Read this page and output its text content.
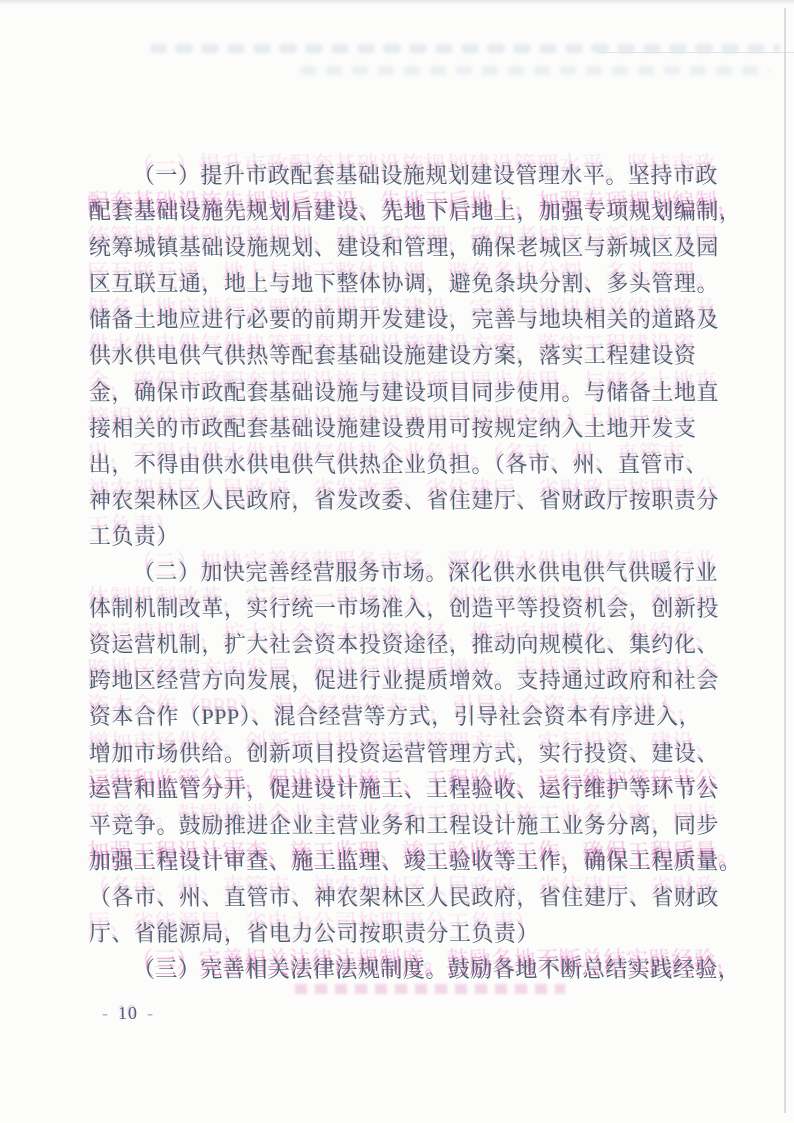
（一）提升市政配套基础设施规划建设管理水平。坚持市政
配套基础设施先规划后建设、先地下后地上，加强专项规划编制，
统筹城镇基础设施规划、建设和管理，确保老城区与新城区及园
区互联互通，地上与地下整体协调，避免条块分割、多头管理。
储备土地应进行必要的前期开发建设，完善与地块相关的道路及
供水供电供气供热等配套基础设施建设方案，落实工程建设资
金，确保市政配套基础设施与建设项目同步使用。与储备土地直
接相关的市政配套基础设施建设费用可按规定纳入土地开发支
出，不得由供水供电供气供热企业负担。（各市、州、直管市、
神农架林区人民政府，省发改委、省住建厅、省财政厅按职责分
工负责）
（二）加快完善经营服务市场。深化供水供电供气供暖行业
体制机制改革，实行统一市场准入，创造平等投资机会，创新投
资运营机制，扩大社会资本投资途径，推动向规模化、集约化、
跨地区经营方向发展，促进行业提质增效。支持通过政府和社会
资本合作（PPP）、混合经营等方式，引导社会资本有序进入，
增加市场供给。创新项目投资运营管理方式，实行投资、建设、
运营和监管分开，促进设计施工、工程验收、运行维护等环节公
平竞争。鼓励推进企业主营业务和工程设计施工业务分离，同步
加强工程设计审查、施工监理、竣工验收等工作，确保工程质量。
（各市、州、直管市、神农架林区人民政府，省住建厅、省财政
厅、省能源局，省电力公司按职责分工负责）
（三）完善相关法律法规制度。鼓励各地不断总结实践经验，
- 10 -
